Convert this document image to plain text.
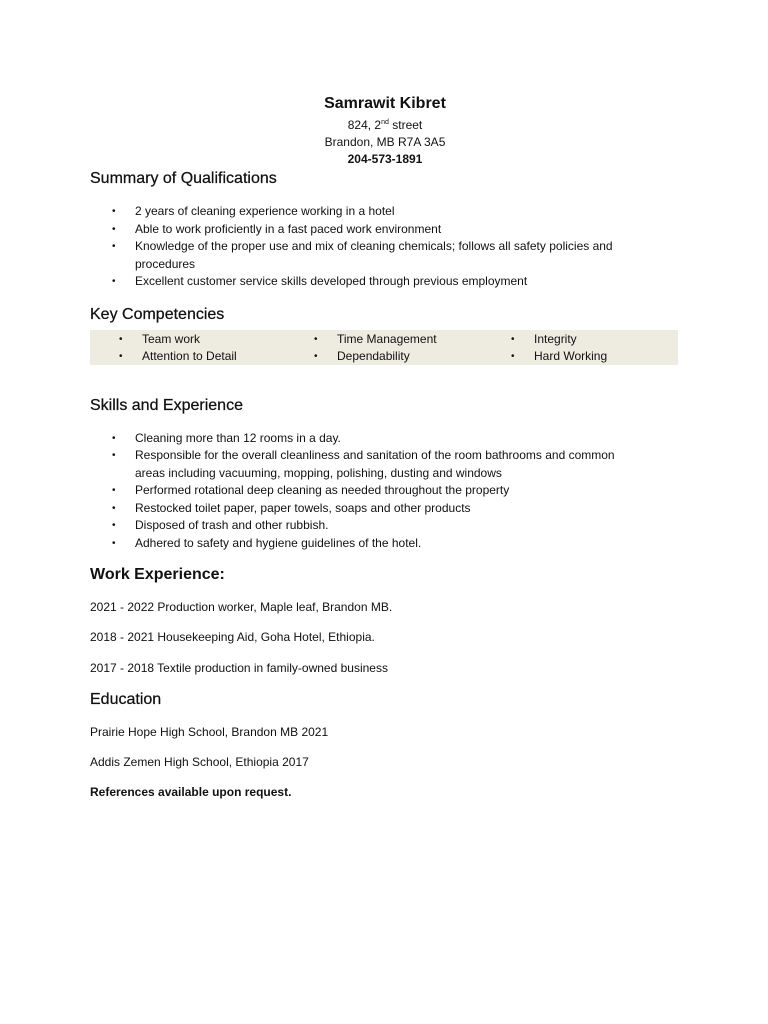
Samrawit Kibret
824, 2nd street
Brandon, MB R7A 3A5
204-573-1891
Summary of Qualifications
• 2 years of cleaning experience working in a hotel
• Able to work proficiently in a fast paced work environment
• Knowledge of the proper use and mix of cleaning chemicals; follows all safety policies and
procedures
• Excellent customer service skills developed through previous employment
Key Competencies
• Team work
• Attention to Detail
• Time Management
• Dependability
• Integrity
• Hard Working
Skills and Experience
• Cleaning more than 12 rooms in a day.
• Responsible for the overall cleanliness and sanitation of the room bathrooms and common
areas including vacuuming, mopping, polishing, dusting and windows
• Performed rotational deep cleaning as needed throughout the property
• Restocked toilet paper, paper towels, soaps and other products
• Disposed of trash and other rubbish.
• Adhered to safety and hygiene guidelines of the hotel.
Work Experience:
2021 - 2022 Production worker, Maple leaf, Brandon MB.
2018 - 2021 Housekeeping Aid, Goha Hotel, Ethiopia.
2017 - 2018 Textile production in family-owned business
Education
Prairie Hope High School, Brandon MB 2021
Addis Zemen High School, Ethiopia 2017
References available upon request.
